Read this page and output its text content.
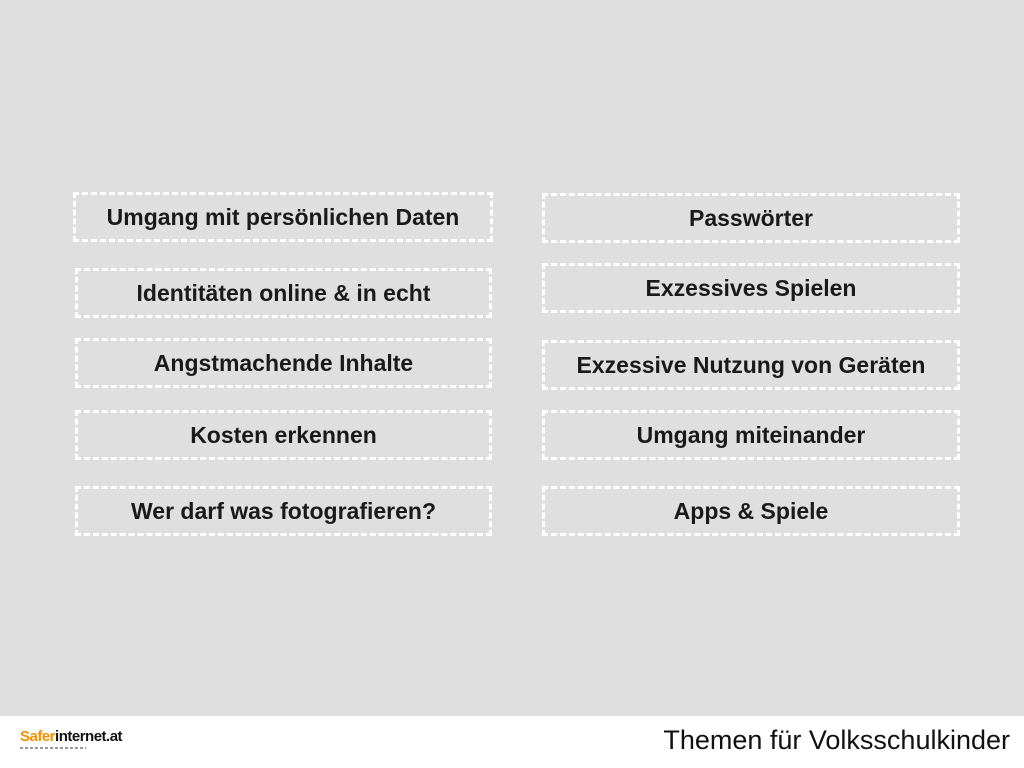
Umgang mit persönlichen Daten
Identitäten online & in echt
Angstmachende Inhalte
Kosten erkennen
Wer darf was fotografieren?
Passwörter
Exzessives Spielen
Exzessive Nutzung von Geräten
Umgang miteinander
Apps & Spiele
Saferinternet.at	Themen für Volksschulkinder
